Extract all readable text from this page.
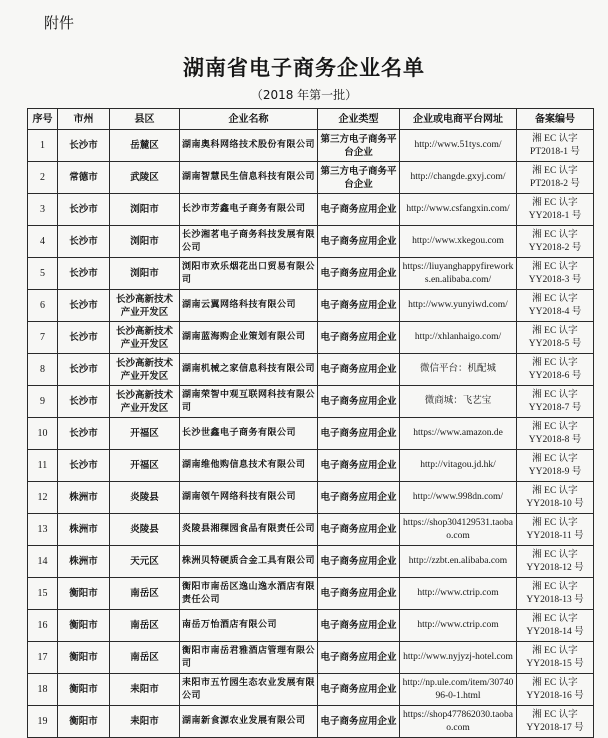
附件
湖南省电子商务企业名单
（2018 年第一批）
序号	市州	县区	企业名称	企业类型	企业或电商平台网址	备案编号
1	长沙市	岳麓区	湖南奥科网络技术股份有限公司	第三方电子商务平台企业	http://www.51tys.com/	湘 EC 认字 PT2018-1 号
2	常德市	武陵区	湖南智慧民生信息科技有限公司	第三方电子商务平台企业	http://changde.gxyj.com/	湘 EC 认字 PT2018-2 号
3	长沙市	浏阳市	长沙市芳鑫电子商务有限公司	电子商务应用企业	http://www.csfangxin.com/	湘 EC 认字 YY2018-1 号
4	长沙市	浏阳市	长沙湘茗电子商务科技发展有限公司	电子商务应用企业	http://www.xkegou.com	湘 EC 认字 YY2018-2 号
5	长沙市	浏阳市	浏阳市欢乐烟花出口贸易有限公司	电子商务应用企业	https://liuyanghappyfireworks.en.alibaba.com/	湘 EC 认字 YY2018-3 号
6	长沙市	长沙高新技术产业开发区	湖南云翼网络科技有限公司	电子商务应用企业	http://www.yunyiwd.com/	湘 EC 认字 YY2018-4 号
7	长沙市	长沙高新技术产业开发区	湖南蓝海购企业策划有限公司	电子商务应用企业	http://xhlanhaigo.com/	湘 EC 认字 YY2018-5 号
8	长沙市	长沙高新技术产业开发区	湖南机械之家信息科技有限公司	电子商务应用企业	微信平台：机配城	湘 EC 认字 YY2018-6 号
9	长沙市	长沙高新技术产业开发区	湖南荣智中观互联网科技有限公司	电子商务应用企业	微商城：飞艺宝	湘 EC 认字 YY2018-7 号
10	长沙市	开福区	长沙世鑫电子商务有限公司	电子商务应用企业	https://www.amazon.de	湘 EC 认字 YY2018-8 号
11	长沙市	开福区	湖南维他购信息技术有限公司	电子商务应用企业	http://vitagou.jd.hk/	湘 EC 认字 YY2018-9 号
12	株洲市	炎陵县	湖南领午网络科技有限公司	电子商务应用企业	http://www.998dn.com/	湘 EC 认字 YY2018-10 号
13	株洲市	炎陵县	炎陵县湘稞园食品有限责任公司	电子商务应用企业	https://shop304129531.taobao.com	湘 EC 认字 YY2018-11 号
14	株洲市	天元区	株洲贝特硬质合金工具有限公司	电子商务应用企业	http://zzbt.en.alibaba.com	湘 EC 认字 YY2018-12 号
15	衡阳市	南岳区	衡阳市南岳区逸山逸水酒店有限责任公司	电子商务应用企业	http://www.ctrip.com	湘 EC 认字 YY2018-13 号
16	衡阳市	南岳区	南岳万怡酒店有限公司	电子商务应用企业	http://www.ctrip.com	湘 EC 认字 YY2018-14 号
17	衡阳市	南岳区	衡阳市南岳君雅酒店管理有限公司	电子商务应用企业	http://www.nyjyzj-hotel.com	湘 EC 认字 YY2018-15 号
18	衡阳市	耒阳市	耒阳市五竹园生态农业发展有限公司	电子商务应用企业	http://np.ule.com/item/3074096-0-1.html	湘 EC 认字 YY2018-16 号
19	衡阳市	耒阳市	湖南新食源农业发展有限公司	电子商务应用企业	https://shop477862030.taobao.com	湘 EC 认字 YY2018-17 号
